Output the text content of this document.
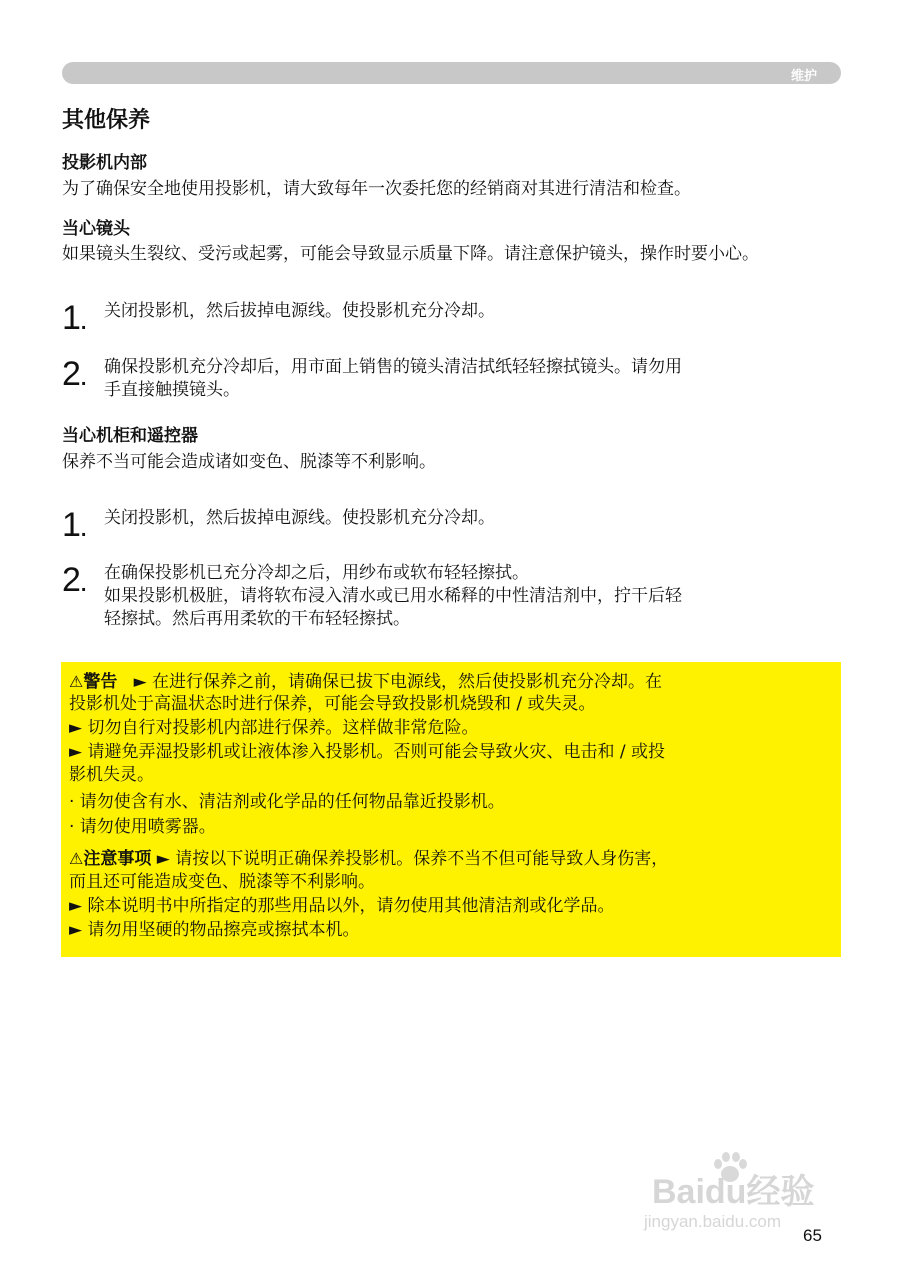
维护
其他保养
投影机内部

为了确保安全地使用投影机，请大致每年一次委托您的经销商对其进行清洁和检查。

当心镜头

如果镜头生裂纹、受污或起雾，可能会导致显示质量下降。请注意保护镜头，操作时要小心。

1.
关闭投影机，然后拔掉电源线。使投影机充分冷却。
2.
确保投影机充分冷却后，用市面上销售的镜头清洁拭纸轻轻擦拭镜头。请勿用
手直接触摸镜头。
当心机柜和遥控器

保养不当可能会造成诸如变色、脱漆等不利影响。

1.
关闭投影机，然后拔掉电源线。使投影机充分冷却。
2.
在确保投影机已充分冷却之后，用纱布或软布轻轻擦拭。
如果投影机极脏，请将软布浸入清水或已用水稀释的中性清洁剂中，拧干后轻
轻擦拭。然后再用柔软的干布轻轻擦拭。
⚠警告 ► 在进行保养之前，请确保已拔下电源线，然后使投影机充分冷却。在
投影机处于高温状态时进行保养，可能会导致投影机烧毁和 / 或失灵。
► 切勿自行对投影机内部进行保养。这样做非常危险。
► 请避免弄湿投影机或让液体渗入投影机。否则可能会导致火灾、电击和 / 或投
影机失灵。
· 请勿使含有水、清洁剂或化学品的任何物品靠近投影机。
· 请勿使用喷雾器。
⚠注意事项 ► 请按以下说明正确保养投影机。保养不当不但可能导致人身伤害，
而且还可能造成变色、脱漆等不利影响。
► 除本说明书中所指定的那些用品以外，请勿使用其他清洁剂或化学品。
► 请勿用坚硬的物品擦亮或擦拭本机。
Baidu经验
jingyan.baidu.com
65
